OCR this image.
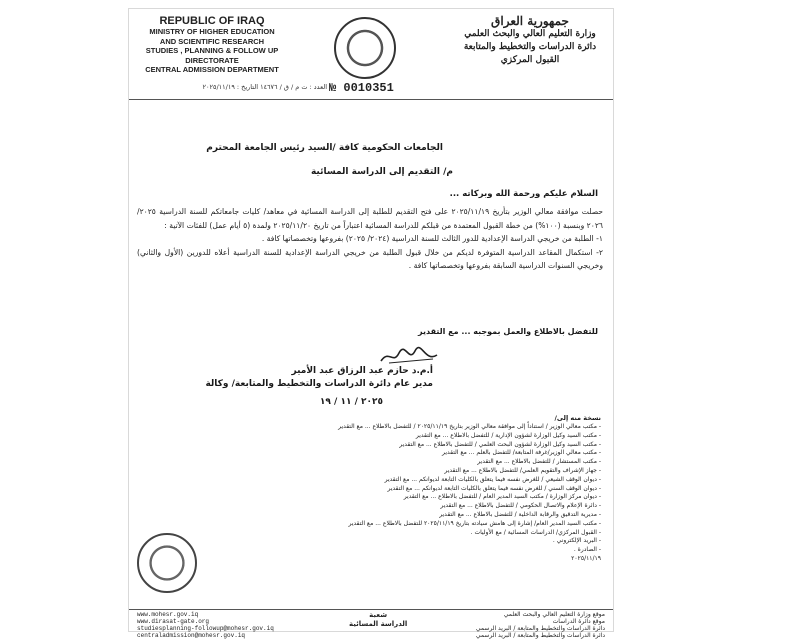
REPUBLIC OF IRAQ
MINISTRY OF HIGHER EDUCATION
AND SCIENTIFIC RESEARCH
STUDIES , PLANNING & FOLLOW UP DIRECTORATE
CENTRAL ADMISSION DEPARTMENT
جمهورية العراق
وزارة التعليم العالي والبحث العلمي
دائرة الدراسات والتخطيط والمتابعة
القبول المركزي
العدد : ت م / ق / ١٤٦٧٦ التاريخ : ٢٠٢٥/١١/١٩ № 0010351
الجامعات الحكومية كافة /السيد رئيس الجامعة المحترم
م/ التقديم إلى الدراسة المسائية
السلام عليكم ورحمة الله وبركاته ...

حصلت موافقة معالي الوزير بتأريخ ٢٠٢٥/١١/١٩ على فتح التقديم للطلبة إلى الدراسة المسائية في معاهد/ كليات جامعاتكم للسنة الدراسية ٢٠٢٥/ ٢٠٢٦ وبنسبة (١٠٠%) من خطة القبول المعتمدة من قبلكم للدراسة المسائية اعتباراً من تاريخ ٢٠٢٥/١١/٢٠ ولمدة (٥ أيام عمل) للفئات الآتية :

١- الطلبة من خريجي الدراسة الإعدادية للدور الثالث للسنة الدراسية (٢٠٢٤/ ٢٠٢٥) بفروعها وتخصصاتها كافة .

٢- استكمال المقاعد الدراسية المتوفرة لديكم من خلال قبول الطلبة من خريجي الدراسة الإعدادية للسنة الدراسية أعلاه للدورين (الأول والثاني) وخريجي السنوات الدراسية السابقة بفروعها وتخصصاتها كافة .

للتفضل بالاطلاع والعمل بموجبه ... مع التقدير
أ.م.د حازم عبد الرزاق عبد الأمير
مدير عام دائرة الدراسات والتخطيط والمتابعة/ وكالة
٢٠٢٥ / ١١ / ١٩
نسخة منه إلى/
- مكتب معالي الوزير / استناداً إلى موافقة معالي الوزير بتاريخ ٢٠٢٥/١١/١٩ / للتفضل بالاطلاع ... مع التقدير
- مكتب السيد وكيل الوزارة لشؤون الإدارية / للتفضل بالاطلاع ... مع التقدير
- مكتب السيد وكيل الوزارة لشؤون البحث العلمي / للتفضل بالاطلاع ... مع التقدير
- مكتب معالي الوزير/غرفة المتابعة/ للتفضل بالعلم ... مع التقدير
- مكتب المستشار / للتفضل بالاطلاع ... مع التقدير
- جهاز الإشراف والتقويم العلمي/ للتفضل بالاطلاع ... مع التقدير
- ديوان الوقف الشيعي / للغرض نفسه فيما يتعلق بالكليات التابعة لديوانكم ... مع التقدير
- ديوان الوقف السني / للغرض نفسه فيما يتعلق بالكليات التابعة لديوانكم ... مع التقدير
- ديوان مركز الوزارة / مكتب السيد المدير العام / للتفضل بالاطلاع ... مع التقدير
- دائرة الإعلام والاتصال الحكومي / للتفضل بالاطلاع ... مع التقدير
- مديرية التدقيق والرقابة الداخلية / للتفضل بالاطلاع ... مع التقدير
- مكتب السيد المدير العام/ إشارة إلى هامش سيادته بتاريخ ٢٠٢٥/١١/١٩ للتفضل بالاطلاع ... مع التقدير
- القبول المركزي/ الدراسات المسائية / مع الأوليات .
- البريد الإلكتروني .
- الصادرة .
٢٠٢٥/١١/١٩
www.mohesr.gov.iq
www.dirasat-gate.org
studiesplanning-followup@mohesr.gov.iq
centraladmission@mohesr.gov.iq
شعبة
الدراسة المسائية
موقع وزارة التعليم العالي والبحث العلمي
موقع دائرة الدراسات
دائرة الدراسات والتخطيط والمتابعة / البريد الرسمي
دائرة الدراسات والتخطيط والمتابعة / البريد الرسمي
